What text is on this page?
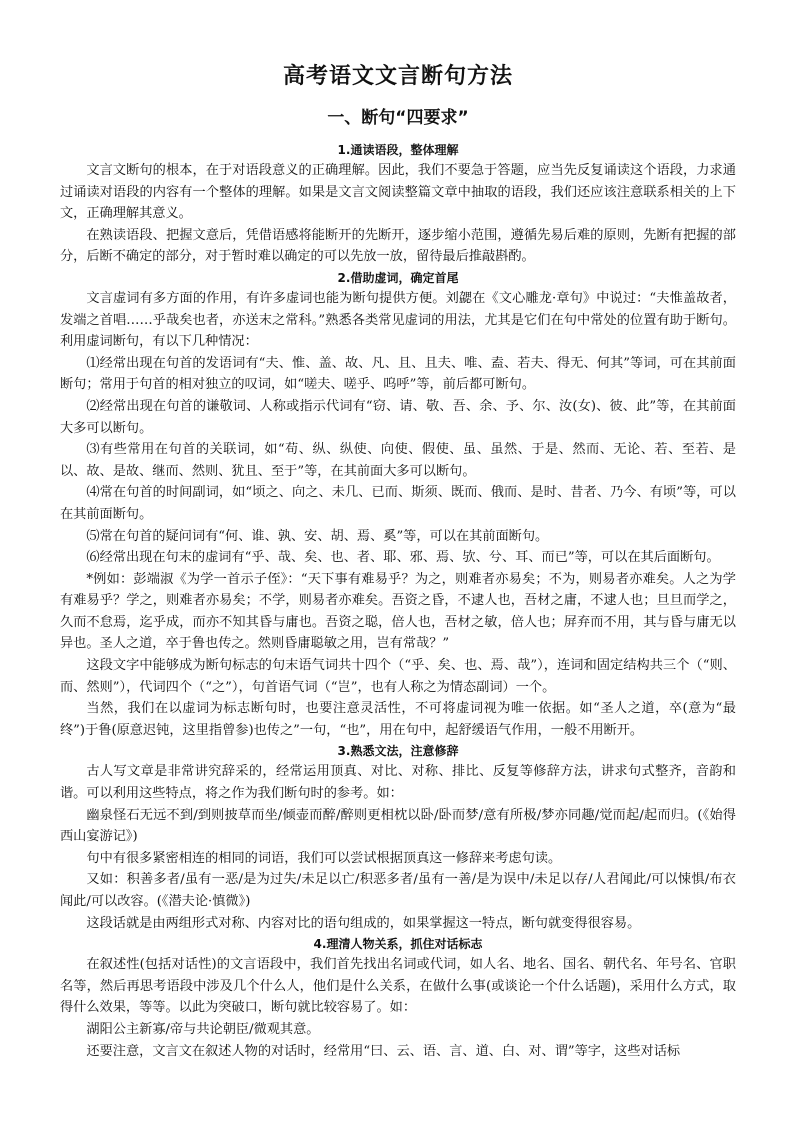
高考语文文言断句方法
一、断句“四要求”
1.通读语段，整体理解

文言文断句的根本，在于对语段意义的正确理解。因此，我们不要急于答题，应当先反复诵读这个语段，力求通过诵读对语段的内容有一个整体的理解。如果是文言文阅读整篇文章中抽取的语段，我们还应该注意联系相关的上下文，正确理解其意义。

在熟读语段、把握文意后，凭借语感将能断开的先断开，逐步缩小范围，遵循先易后难的原则，先断有把握的部分，后断不确定的部分，对于暂时难以确定的可以先放一放，留待最后推敲斟酌。

2.借助虚词，确定首尾

文言虚词有多方面的作用，有许多虚词也能为断句提供方便。刘勰在《文心雕龙·章句》中说过：“夫惟盖故者，发端之首唱……乎哉矣也者，亦送末之常科。”熟悉各类常见虚词的用法，尤其是它们在句中常处的位置有助于断句。利用虚词断句，有以下几种情况：

⑴经常出现在句首的发语词有“夫、惟、盖、故、凡、且、且夫、唯、盍、若夫、得无、何其”等词，可在其前面断句；常用于句首的相对独立的叹词，如“嗟夫、嗟乎、呜呼”等，前后都可断句。

⑵经常出现在句首的谦敬词、人称或指示代词有“窃、请、敬、吾、余、予、尔、汝(女)、彼、此”等，在其前面大多可以断句。

⑶有些常用在句首的关联词，如“苟、纵、纵使、向使、假使、虽、虽然、于是、然而、无论、若、至若、是以、故、是故、继而、然则、犹且、至于”等，在其前面大多可以断句。

⑷常在句首的时间副词，如“顷之、向之、未几、已而、斯须、既而、俄而、是时、昔者、乃今、有顷”等，可以在其前面断句。

⑸常在句首的疑问词有“何、谁、孰、安、胡、焉、奚”等，可以在其前面断句。

⑹经常出现在句末的虚词有“乎、哉、矣、也、者、耶、邪、焉、欤、兮、耳、而已”等，可以在其后面断句。

*例如：彭端淑《为学一首示子侄》：“天下事有难易乎？为之，则难者亦易矣；不为，则易者亦难矣。人之为学有难易乎？学之，则难者亦易矣；不学，则易者亦难矣。吾资之昏，不逮人也，吾材之庸，不逮人也；旦旦而学之，久而不怠焉，迄乎成，而亦不知其昏与庸也。吾资之聪，倍人也，吾材之敏，倍人也；屏弃而不用，其与昏与庸无以异也。圣人之道，卒于鲁也传之。然则昏庸聪敏之用，岂有常哉？”

这段文字中能够成为断句标志的句末语气词共十四个（“乎、矣、也、焉、哉”），连词和固定结构共三个（“则、而、然则”），代词四个（“之”），句首语气词（“岂”，也有人称之为情态副词）一个。

当然，我们在以虚词为标志断句时，也要注意灵活性，不可将虚词视为唯一依据。如“圣人之道，卒(意为“最终”)于鲁(原意迟钝，这里指曾参)也传之”一句，“也”，用在句中，起舒缓语气作用，一般不用断开。

3.熟悉文法，注意修辞

古人写文章是非常讲究辞采的，经常运用顶真、对比、对称、排比、反复等修辞方法，讲求句式整齐，音韵和谐。可以利用这些特点，将之作为我们断句时的参考。如：

幽泉怪石无远不到/到则披草而坐/倾壶而醉/醉则更相枕以卧/卧而梦/意有所极/梦亦同趣/觉而起/起而归。(《始得西山宴游记》)

句中有很多紧密相连的相同的词语，我们可以尝试根据顶真这一修辞来考虑句读。

又如：积善多者/虽有一恶/是为过失/未足以亡/积恶多者/虽有一善/是为误中/未足以存/人君闻此/可以悚惧/布衣闻此/可以改容。(《潜夫论·慎微》)

这段话就是由两组形式对称、内容对比的语句组成的，如果掌握这一特点，断句就变得很容易。

4.理清人物关系，抓住对话标志

在叙述性(包括对话性)的文言语段中，我们首先找出名词或代词，如人名、地名、国名、朝代名、年号名、官职名等，然后再思考语段中涉及几个什么人，他们是什么关系，在做什么事(或谈论一个什么话题)，采用什么方式，取得什么效果，等等。以此为突破口，断句就比较容易了。如：

湖阳公主新寡/帝与共论朝臣/微观其意。

还要注意，文言文在叙述人物的对话时，经常用“曰、云、语、言、道、白、对、谓”等字，这些对话标
